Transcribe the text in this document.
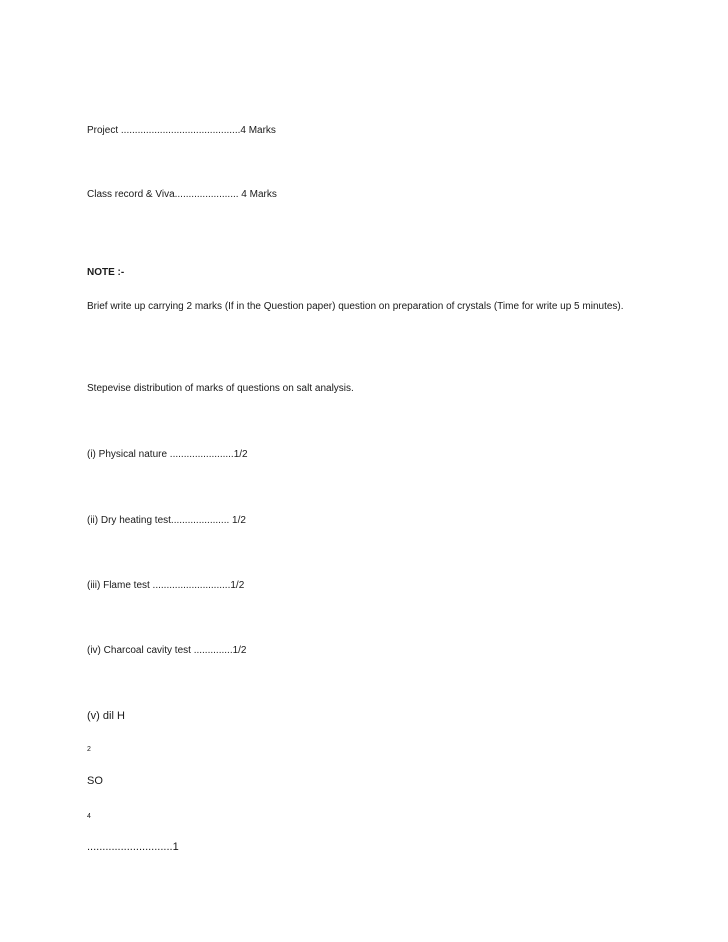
Project ...........................................4 Marks
Class record & Viva....................... 4 Marks
NOTE :-
Brief write up carrying 2 marks (If in the Question paper) question on preparation of crystals (Time for write up 5 minutes).
Stepevise distribution of marks of questions on salt analysis.
(i) Physical nature .......................1/2
(ii) Dry heating test..................... 1/2
(iii) Flame test ............................1/2
(iv) Charcoal cavity test ..............1/2
(v) dil H
2
SO
4
............................1
